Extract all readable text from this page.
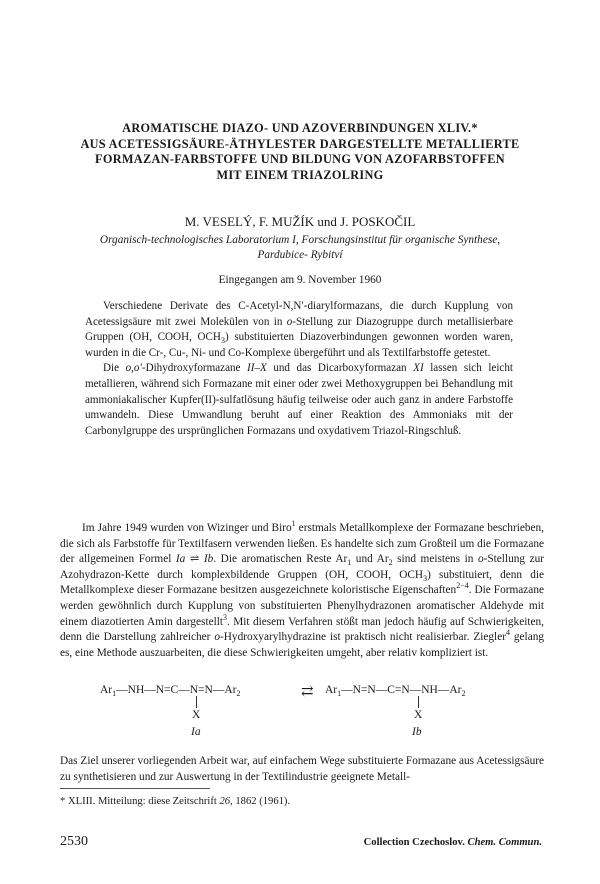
AROMATISCHE DIAZO- UND AZOVERBINDUNGEN XLIV.*
AUS ACETESSIGSÄURE-ÄTHYLESTER DARGESTELLTE METALLIERTE
FORMAZAN-FARBSTOFFE UND BILDUNG VON AZOFARBSTOFFEN
MIT EINEM TRIAZOLRING
M. VESELÝ, F. MUŽÍK und J. POSKOČIL
Organisch-technologisches Laboratorium I, Forschungsinstitut für organische Synthese,
Pardubice- Rybitví
Eingegangen am 9. November 1960

Verschiedene Derivate des C-Acetyl-N,N′-diarylformazans, die durch Kupplung von Acetessigsäure mit zwei Molekülen von in o-Stellung zur Diazogruppe durch metallisierbare Gruppen (OH, COOH, $OCH_3$) substituierten Diazoverbindungen gewonnen worden waren, wurden in die Cr-, Cu-, Ni- und Co-Komplexe übergeführt und als Textilfarbstoffe getestet.

Die o,o′-Dihydroxyformazane II–X und das Dicarboxyformazan XI lassen sich leicht metallieren, während sich Formazane mit einer oder zwei Methoxygruppen bei Behandlung mit ammoniakalischer Kupfer(II)-sulfatlösung häufig teilweise oder auch ganz in andere Farbstoffe umwandeln. Diese Umwandlung beruht auf einer Reaktion des Ammoniaks mit der Carbonylgruppe des ursprünglichen Formazans und oxydativem Triazol-Ringschluß.

Im Jahre 1949 wurden von Wizinger und Biro$^1$ erstmals Metallkomplexe der Formazane beschrieben, die sich als Farbstoffe für Textilfasern verwenden ließen. Es handelte sich zum Großteil um die Formazane der allgemeinen Formel Ia ⇌ Ib. Die aromatischen Reste $Ar_1$ und $Ar_2$ sind meistens in o-Stellung zur Azohydrazon-Kette durch komplexbildende Gruppen (OH, COOH, $OCH_3$) substituiert, denn die Metallkomplexe dieser Formazane besitzen ausgezeichnete koloristische Eigenschaften$^{2-4}$. Die Formazane werden gewöhnlich durch Kupplung von substituierten Phenylhydrazonen aromatischer Aldehyde mit einem diazotierten Amin dargestellt$^3$. Mit diesem Verfahren stößt man jedoch häufig auf Schwierigkeiten, denn die Darstellung zahlreicher o-Hydroxyarylhydrazine ist praktisch nicht realisierbar. Ziegler$^4$ gelang es, eine Methode auszuarbeiten, die diese Schwierigkeiten umgeht, aber relativ kompliziert ist.

$Ar_1—NH—N=C—N=N—Ar_2$	⇄ $Ar_1—N=N—C=N—NH—Ar_2$
X
Ia
X
Ib

Das Ziel unserer vorliegenden Arbeit war, auf einfachem Wege substituierte Formazane aus Acetessigsäure zu synthetisieren und zur Auswertung in der Textilindustrie geeignete Metall-

* XLIII. Mitteilung: diese Zeitschrift 26, 1862 (1961).
2530	Collection Czechoslov. Chem. Commun.
